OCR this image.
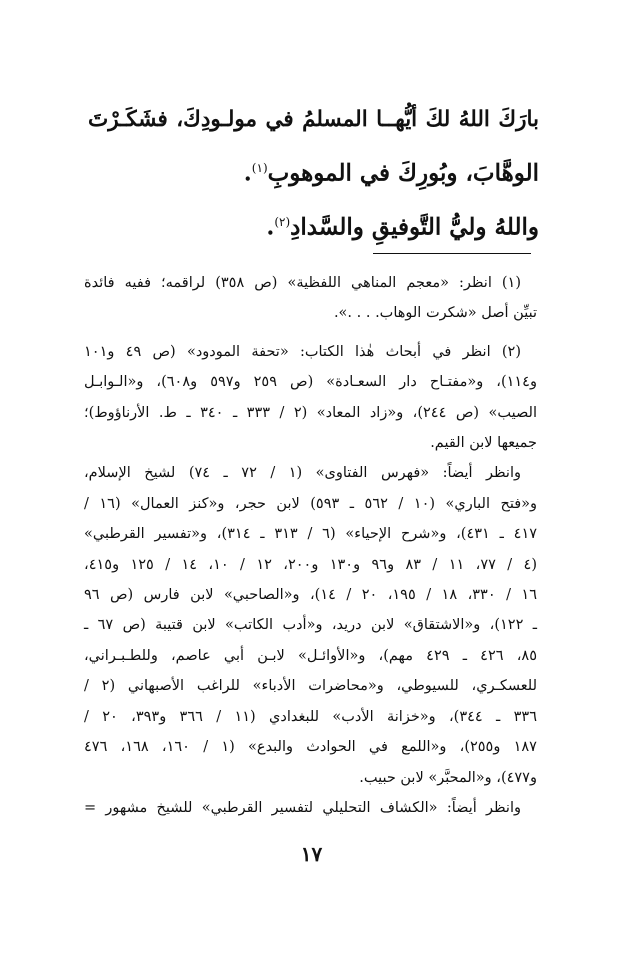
بارَكَ اللهُ لكَ أيُّهــا المسلمُ في مولـودِكَ، فشَكَـرْتَ

الوهَّابَ، وبُورِكَ في الموهوبِ$^{(١)}$.

واللهُ وليُّ التَّوفيقِ والسَّدادِ$^{(٢)}$.

(١) انظر: «معجم المناهي اللفظية» (ص ٣٥٨) لراقمه؛ ففيه فائدة

تبيِّن أصل «شكرت الوهاب. . . .».

(٢) انظر في أبحاث هٰذا الكتاب: «تحفة المودود» (ص ٤٩ و١٠١

و١١٤)، و«مفتـاح دار السعـادة» (ص ٢٥٩ و٥٩٧ و٦٠٨)، و«الـوابـل

الصيب» (ص ٢٤٤)، و«زاد المعاد» (٢ / ٣٣٣ ـ ٣٤٠ ـ ط. الأرناؤوط)؛

جميعها لابن القيم.

وانظر أيضاً: «فهرس الفتاوى» (١ / ٧٢ ـ ٧٤) لشيخ الإسلام،

و«فتح الباري» (١٠ / ٥٦٢ ـ ٥٩٣) لابن حجر، و«كنز العمال» (١٦ /

٤١٧ ـ ٤٣١)، و«شرح الإحياء» (٦ / ٣١٣ ـ ٣١٤)، و«تفسير القرطبي»

(٤ / ٧٧، ١١ / ٨٣ و٩٦ و١٣٠ و٢٠٠، ١٢ / ١٠، ١٤ / ١٢٥ و٤١٥،

١٦ / ٣٣٠، ١٨ / ١٩٥، ٢٠ / ١٤)، و«الصاحبي» لابن فارس (ص ٩٦

ـ ١٢٢)، و«الاشتقاق» لابن دريد، و«أدب الكاتب» لابن قتيبة (ص ٦٧ ـ

٨٥، ٤٢٦ ـ ٤٢٩ مهم)، و«الأوائـل» لابـن أبي عاصم، وللطـبـراني،

للعسكـري، للسيوطي، و«محاضرات الأدباء» للراغب الأصبهاني (٢ /

٣٣٦ ـ ٣٤٤)، و«خزانة الأدب» للبغدادي (١١ / ٣٦٦ و٣٩٣، ٢٠ /

١٨٧ و٢٥٥)، و«اللمع في الحوادث والبدع» (١ / ١٦٠، ١٦٨، ٤٧٦

و٤٧٧)، و«المحبَّر» لابن حبيب.

وانظر أيضاً: «الكشاف التحليلي لتفسير القرطبي» للشيخ مشهور =

١٧
